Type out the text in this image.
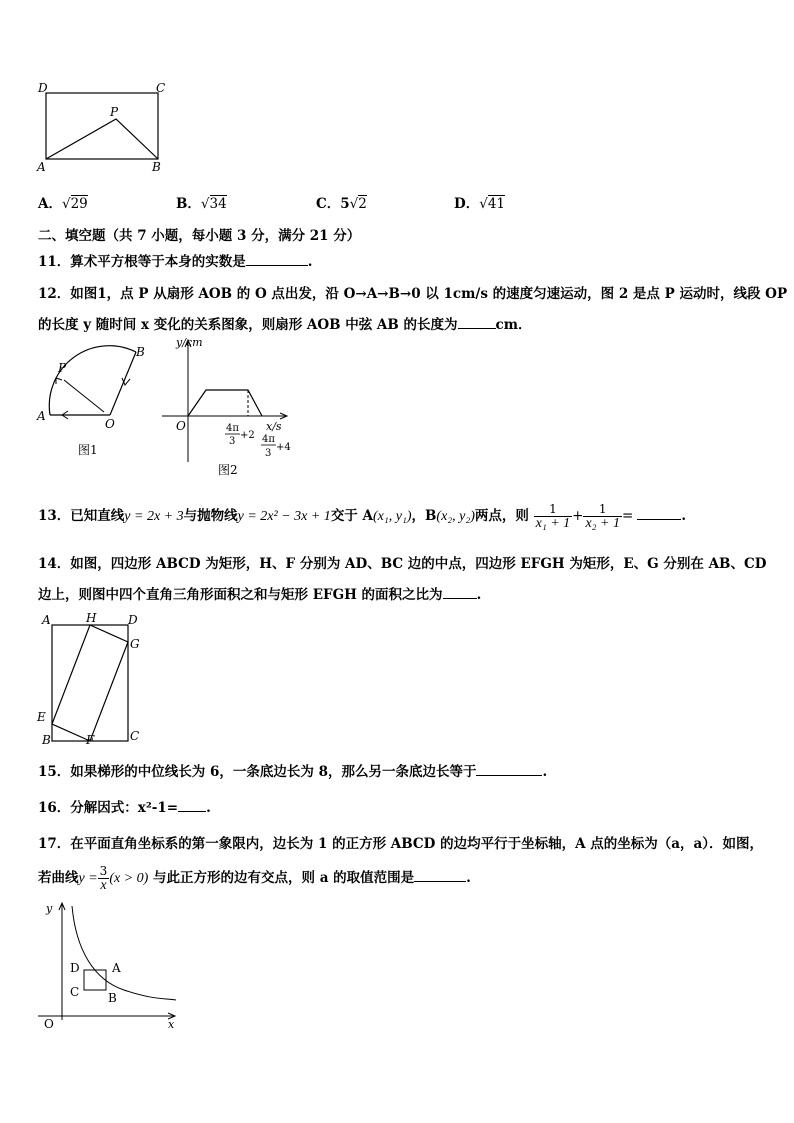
D	C
P
A	B
A．√29	B．√34	C．5√2	D．√41
二、填空题（共 7 小题，每小题 3 分，满分 21 分）
11．算术平方根等于本身的实数是	.
12．如图1，点 P 从扇形 AOB 的 O 点出发，沿 O→A→B→0 以 1cm/s 的速度匀速运动，图 2 是点 P 运动时，线段 OP
的长度 y 随时间 x 变化的关系图象，则扇形 AOB 中弦 AB 的长度为	cm．
A
O
P
B
图1
y/cm
x/s
O	4π
3
+2 4π
3
+4
图2
13．已知直线y = 2x + 3与抛物线y = 2x² − 3x + 1交于 A(x₁, y₁)，B(x₂, y₂)两点，则 $\frac{1}{\text{x₁ + 1}} + \frac{1}{\text{x₂ + 1}}$ =	.
14．如图，四边形 ABCD 为矩形，H、F 分别为 AD、BC 边的中点，四边形 EFGH 为矩形，E、G 分别在 AB、CD
边上，则图中四个直角三角形面积之和与矩形 EFGH 的面积之比为	.
A	H	D
G
E
B	F	C
15．如果梯形的中位线长为 6，一条底边长为 8，那么另一条底边长等于	.
16．分解因式：x²-1= .
17．在平面直角坐标系的第一象限内，边长为 1 的正方形 ABCD 的边均平行于坐标轴，A 点的坐标为（a，a）．如图，
若曲线$y = \frac{3}{x} (x > 0)$ 与此正方形的边有交点，则 a 的取值范围是	.
y
x
O
D	A
C B
